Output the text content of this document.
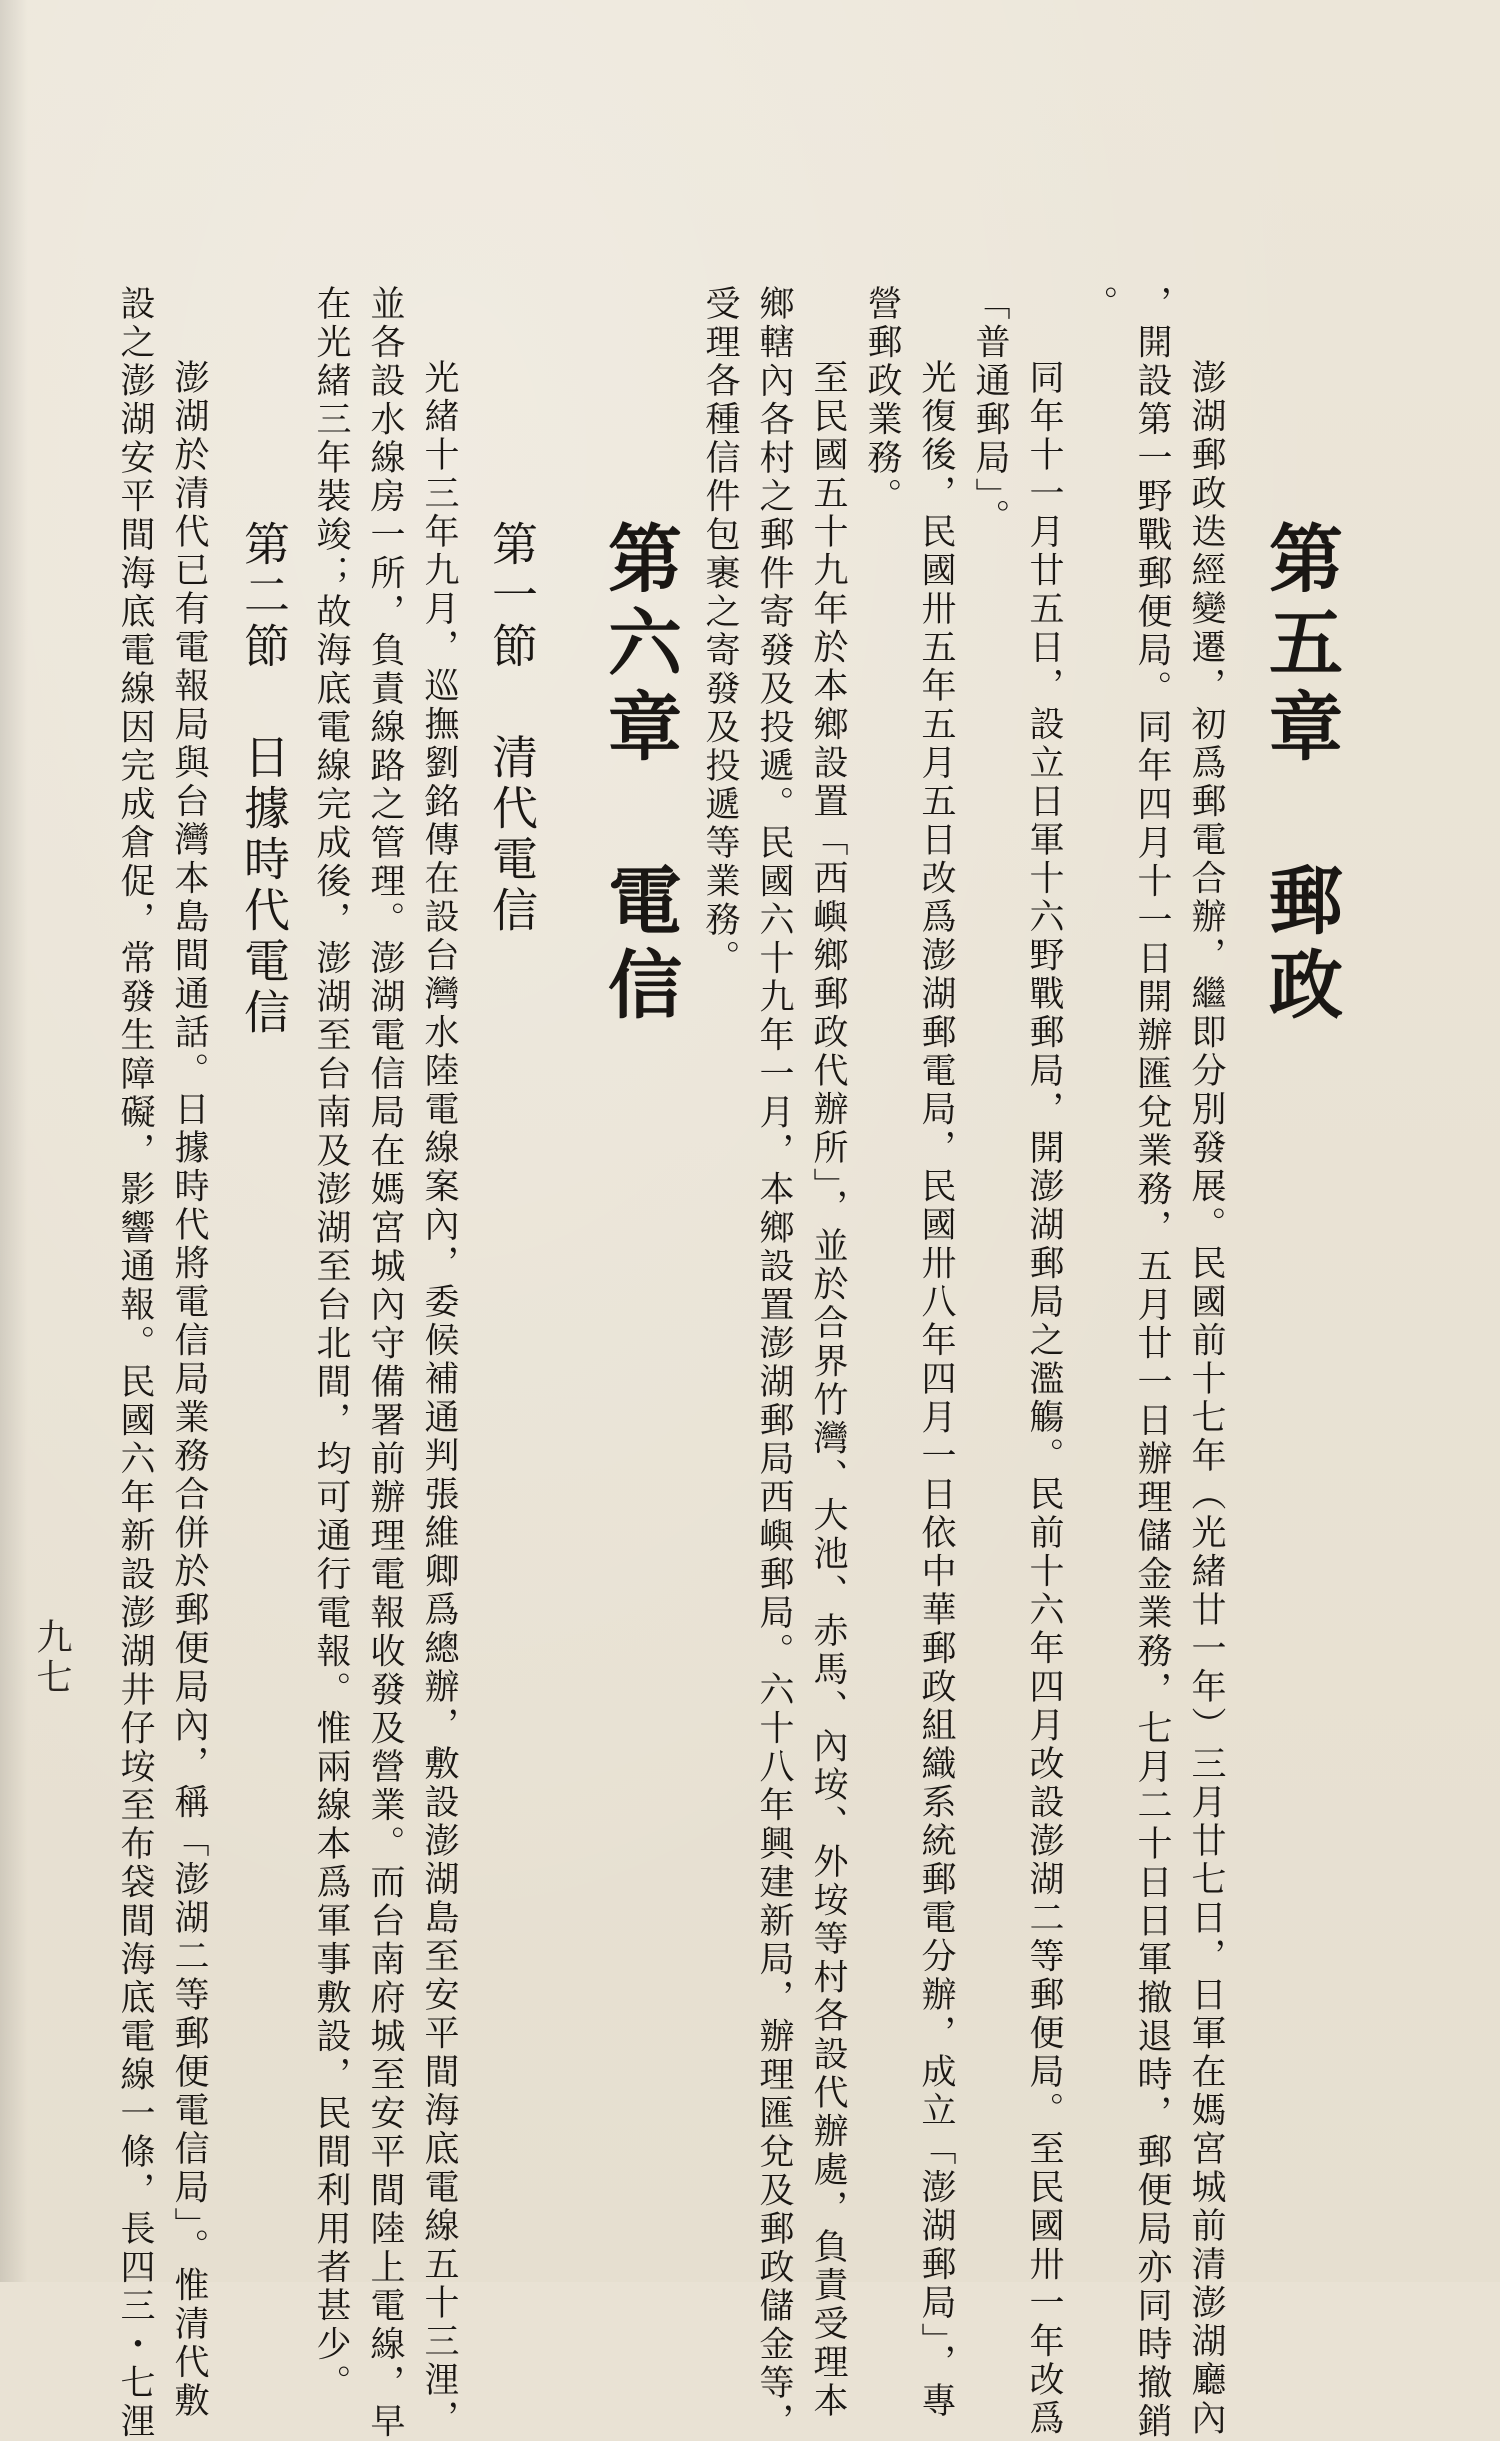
第五章郵政
澎湖郵政迭經變遷，初爲郵電合辦，繼即分別發展。民國前十七年（光緒廿一年）三月廿七日，日軍在媽宮城前清澎湖廳內
，開設第一野戰郵便局。同年四月十一日開辦匯兌業務，五月廿一日辦理儲金業務，七月二十日日軍撤退時，郵便局亦同時撤銷
。
同年十一月廿五日，設立日軍十六野戰郵局，開澎湖郵局之濫觴。民前十六年四月改設澎湖二等郵便局。至民國卅一年改爲
「普通郵局」。
光復後，民國卅五年五月五日改爲澎湖郵電局，民國卅八年四月一日依中華郵政組織系統郵電分辦，成立「澎湖郵局」，專
營郵政業務。
至民國五十九年於本鄉設置「西嶼鄉郵政代辦所」，並於合界竹灣、大池、赤馬、內垵、外垵等村各設代辦處，負責受理本
鄉轄內各村之郵件寄發及投遞。民國六十九年一月，本鄉設置澎湖郵局西嶼郵局。六十八年興建新局，辦理匯兌及郵政儲金等，
受理各種信件包裹之寄發及投遞等業務。
第六章電信
第一節清代電信
光緒十三年九月，巡撫劉銘傳在設台灣水陸電線案內，委候補通判張維卿爲總辦，敷設澎湖島至安平間海底電線五十三浬，
並各設水線房一所，負責線路之管理。澎湖電信局在媽宮城內守備署前辦理電報收發及營業。而台南府城至安平間陸上電線，早
在光緒三年裝竣；故海底電線完成後，澎湖至台南及澎湖至台北間，均可通行電報。惟兩線本爲軍事敷設，民間利用者甚少。
第二節日據時代電信
澎湖於清代已有電報局與台灣本島間通話。日據時代將電信局業務合併於郵便局內，稱「澎湖二等郵便電信局」。惟清代敷
設之澎湖安平間海底電線因完成倉促，常發生障礙，影響通報。民國六年新設澎湖井仔垵至布袋間海底電線一條，長四三・七浬
九七
